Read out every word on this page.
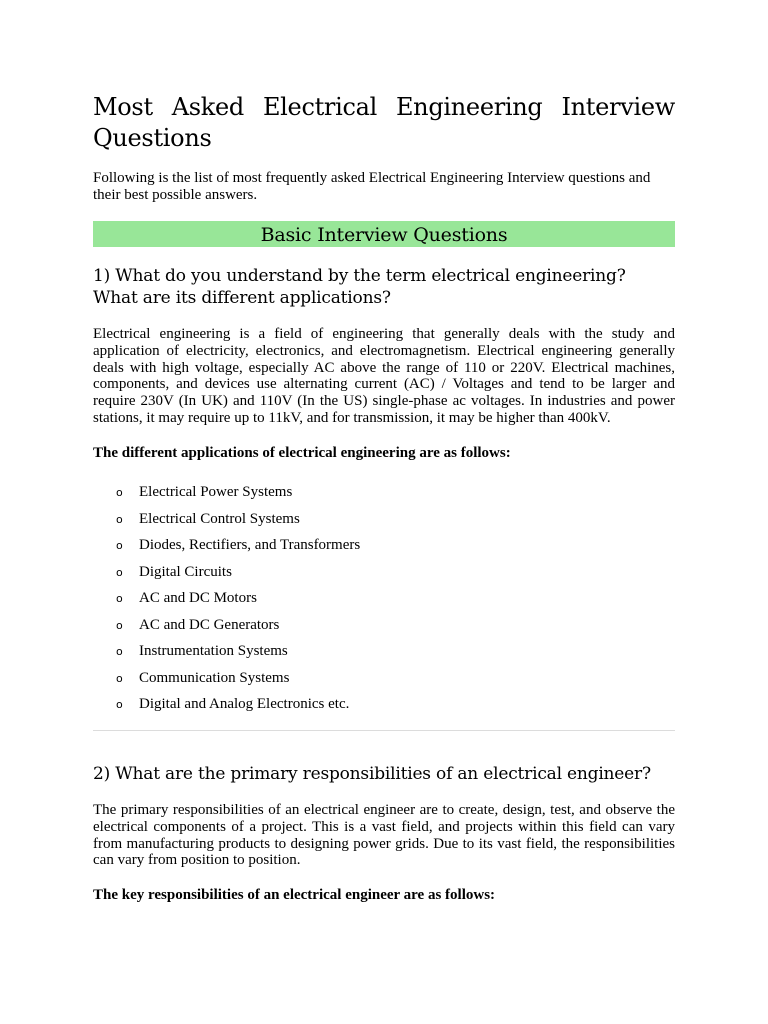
Most Asked Electrical Engineering Interview Questions

Following is the list of most frequently asked Electrical Engineering Interview questions and their best possible answers.

Basic Interview Questions
1) What do you understand by the term electrical engineering? What are its different applications?

Electrical engineering is a field of engineering that generally deals with the study and application of electricity, electronics, and electromagnetism. Electrical engineering generally deals with high voltage, especially AC above the range of 110 or 220V. Electrical machines, components, and devices use alternating current (AC) / Voltages and tend to be larger and require 230V (In UK) and 110V (In the US) single-phase ac voltages. In industries and power stations, it may require up to 11kV, and for transmission, it may be higher than 400kV.

The different applications of electrical engineering are as follows:

o Electrical Power Systems
o Electrical Control Systems
o Diodes, Rectifiers, and Transformers
o Digital Circuits
o AC and DC Motors
o AC and DC Generators
o Instrumentation Systems
o Communication Systems
o Digital and Analog Electronics etc.
2) What are the primary responsibilities of an electrical engineer?

The primary responsibilities of an electrical engineer are to create, design, test, and observe the electrical components of a project. This is a vast field, and projects within this field can vary from manufacturing products to designing power grids. Due to its vast field, the responsibilities can vary from position to position.

The key responsibilities of an electrical engineer are as follows:
